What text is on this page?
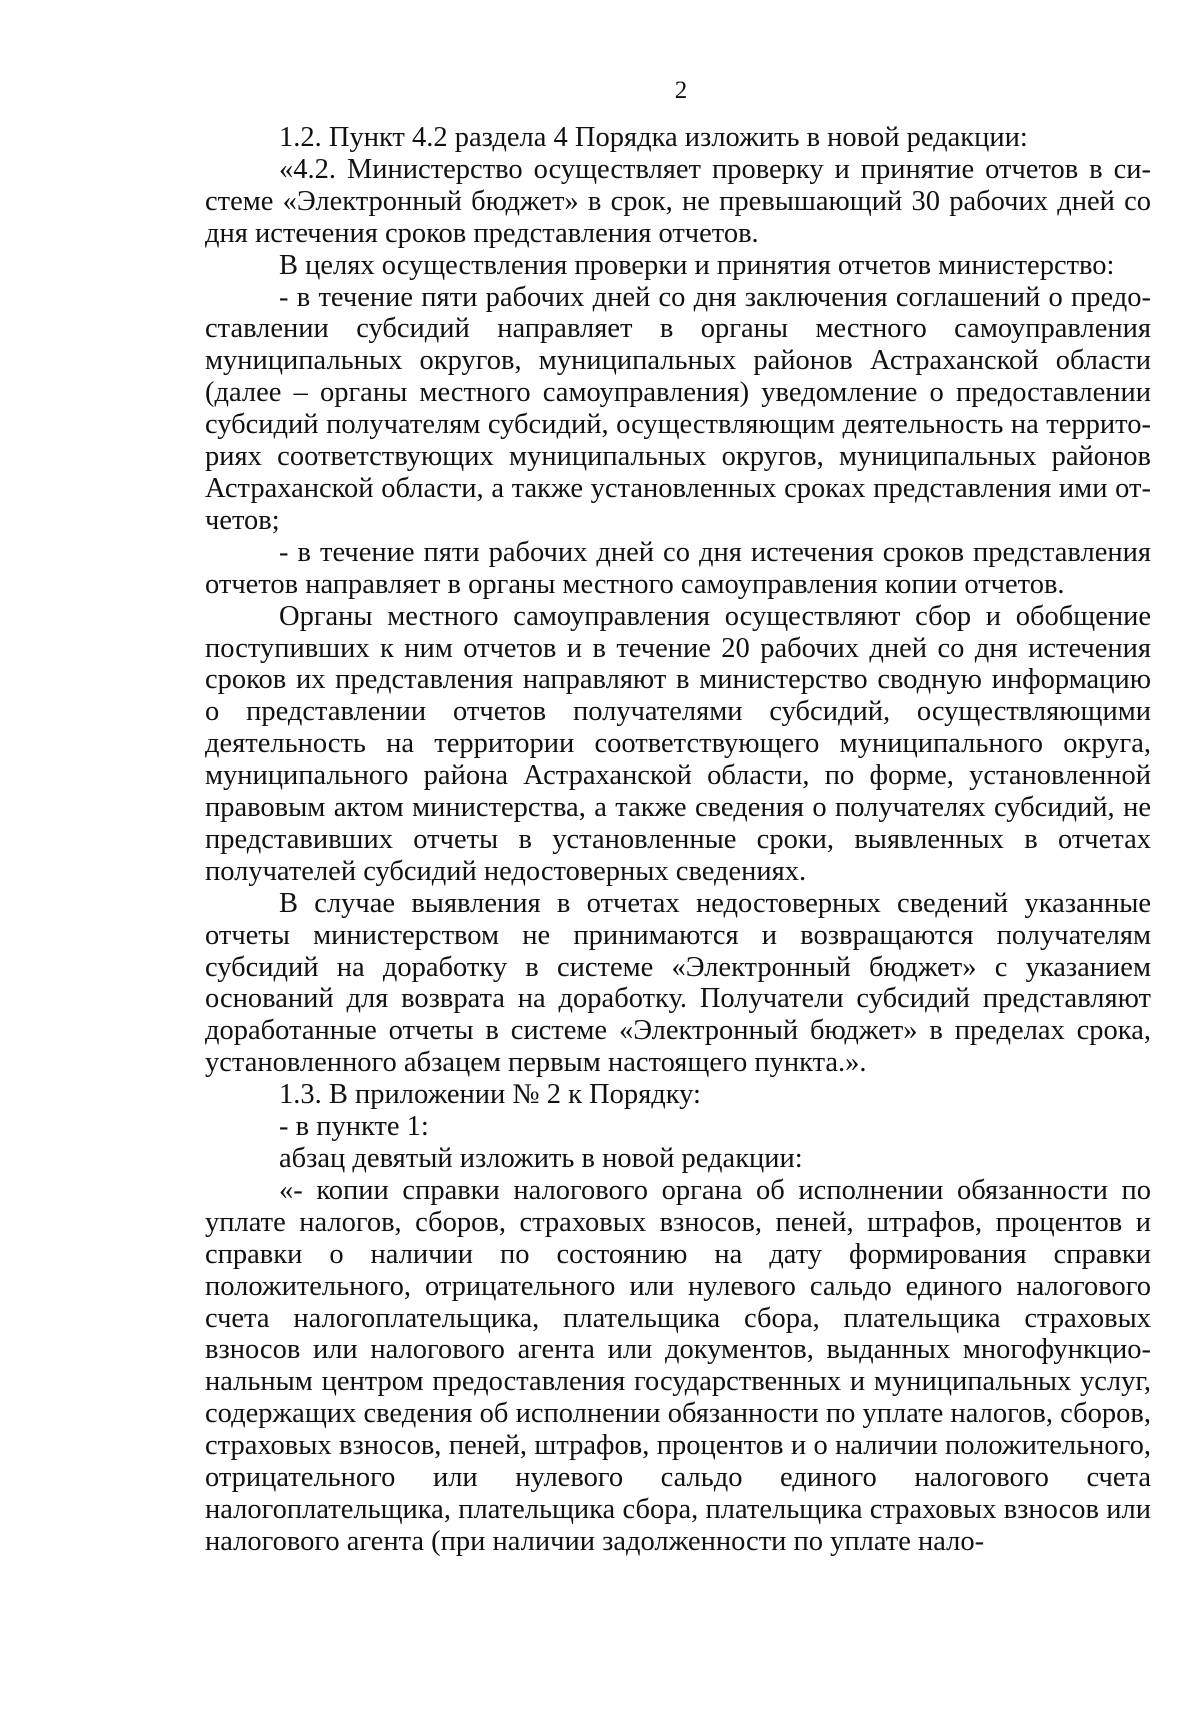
2

1.2. Пункт 4.2 раздела 4 Порядка изложить в новой редакции:

«4.2. Министерство осуществляет проверку и принятие отчетов в системе «Электронный бюджет» в срок, не превышающий 30 рабочих дней со дня истечения сроков представления отчетов.

В целях осуществления проверки и принятия отчетов министерство:

- в течение пяти рабочих дней со дня заключения соглашений о предоставлении субсидий направляет в органы местного самоуправления муниципальных округов, муниципальных районов Астраханской области (далее – органы местного самоуправления) уведомление о предоставлении субсидий получателям субсидий, осуществляющим деятельность на территориях соответствующих муниципальных округов, муниципальных районов Астраханской области, а также установленных сроках представления ими отчетов;

- в течение пяти рабочих дней со дня истечения сроков представления отчетов направляет в органы местного самоуправления копии отчетов.

Органы местного самоуправления осуществляют сбор и обобщение поступивших к ним отчетов и в течение 20 рабочих дней со дня истечения сроков их представления направляют в министерство сводную информацию о представлении отчетов получателями субсидий, осуществляющими деятельность на территории соответствующего муниципального округа, муниципального района Астраханской области, по форме, установленной правовым актом министерства, а также сведения о получателях субсидий, не представивших отчеты в установленные сроки, выявленных в отчетах получателей субсидий недостоверных сведениях.

В случае выявления в отчетах недостоверных сведений указанные отчеты министерством не принимаются и возвращаются получателям субсидий на доработку в системе «Электронный бюджет» с указанием оснований для возврата на доработку. Получатели субсидий представляют доработанные отчеты в системе «Электронный бюджет» в пределах срока, установленного абзацем первым настоящего пункта.».

1.3. В приложении № 2 к Порядку:

- в пункте 1:

абзац девятый изложить в новой редакции:

«- копии справки налогового органа об исполнении обязанности по уплате налогов, сборов, страховых взносов, пеней, штрафов, процентов и справки о наличии по состоянию на дату формирования справки положительного, отрицательного или нулевого сальдо единого налогового счета налогоплательщика, плательщика сбора, плательщика страховых взносов или налогового агента или документов, выданных многофункциональным центром предоставления государственных и муниципальных услуг, содержащих сведения об исполнении обязанности по уплате налогов, сборов, страховых взносов, пеней, штрафов, процентов и о наличии положительного, отрицательного или нулевого сальдо единого налогового счета налогоплательщика, плательщика сбора, плательщика страховых взносов или налогового агента (при наличии задолженности по уплате нало-
